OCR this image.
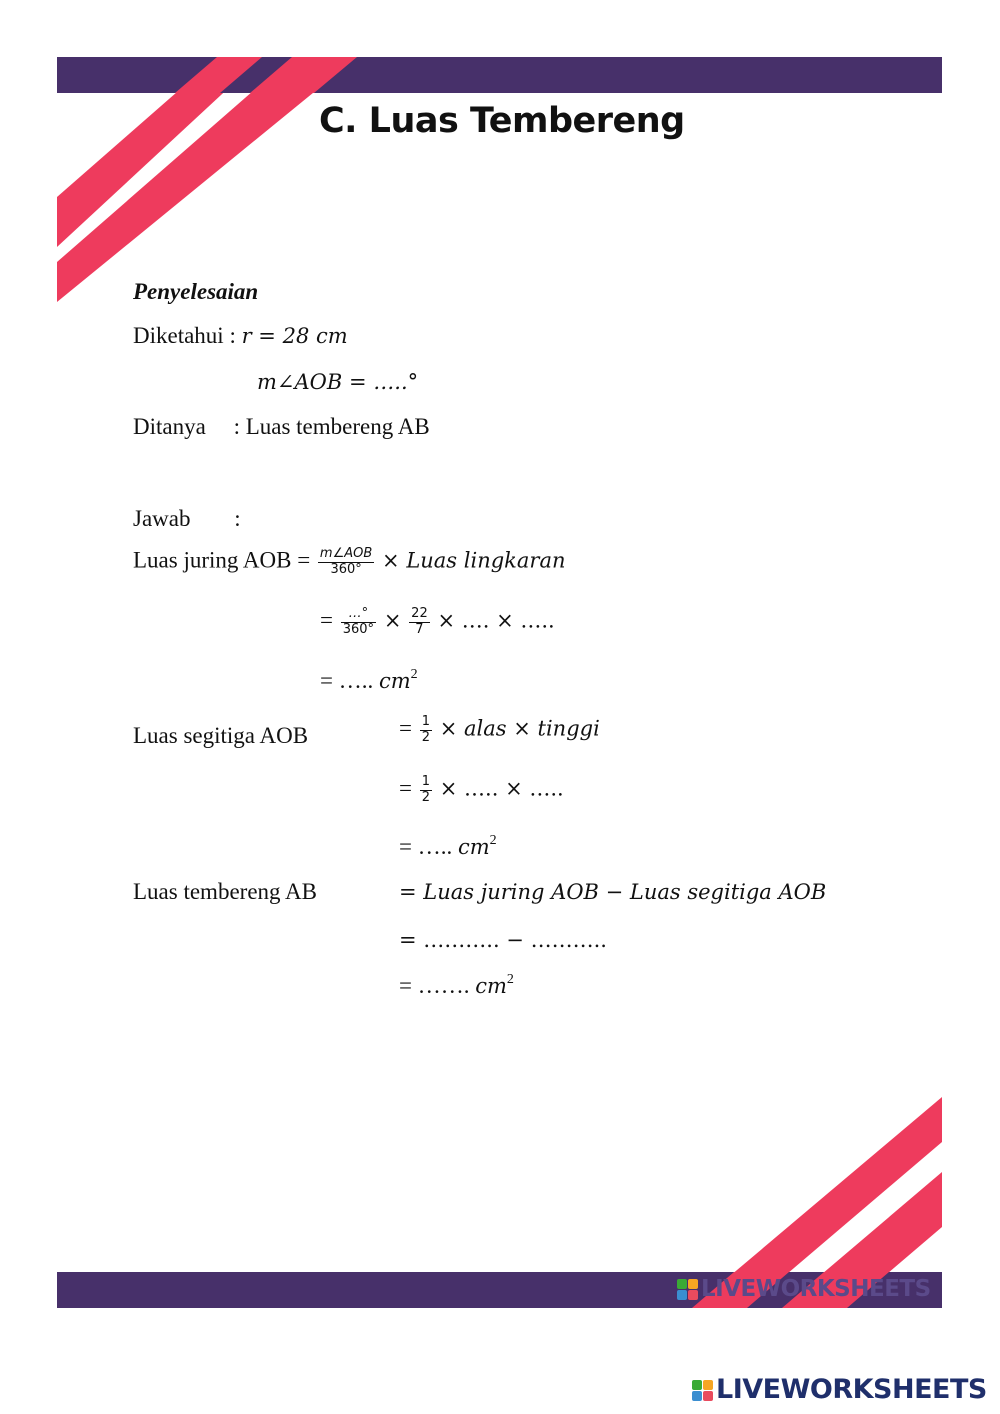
C. Luas Tembereng
Penyelesaian
Diketahui : r = 28 cm
m∠AOB = …..°
Ditanya : Luas tembereng AB
Jawab :
Luas juring AOB = $\frac{\text{m∠AOB}}{360^\circ}$ × Luas lingkaran
= $\frac{\dots^\circ}{360^\circ} \times \frac{22}{7}$ × …. × …..
= ….. $cm^2$
Luas segitiga AOB	= $\frac{1}{2}$ × alas × tinggi
= $\frac{1}{2}$ × ….. × …..
= ….. $cm^2$
Luas tembereng AB	= Luas juring AOB − Luas segitiga AOB
= ……….. − ………..
= ……. $cm^2$
LIVEWORKSHEETS
LIVEWORKSHEETS
